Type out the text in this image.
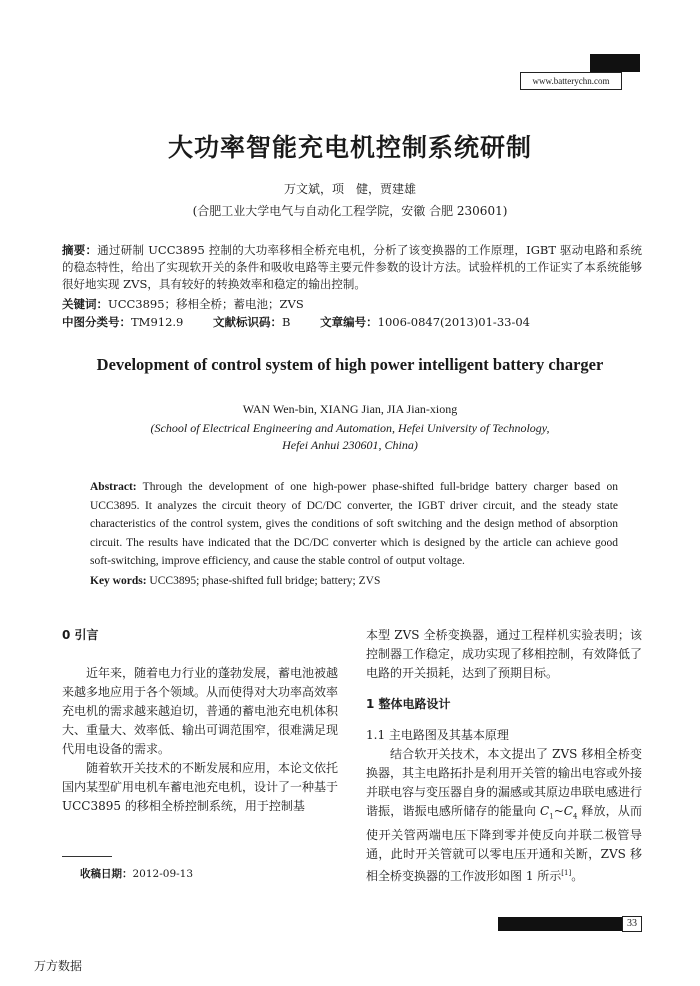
www.batterychn.com
大功率智能充电机控制系统研制
万文斌，项　健，贾建雄
(合肥工业大学电气与自动化工程学院，安徽 合肥 230601)
摘要：通过研制 UCC3895 控制的大功率移相全桥充电机，分析了该变换器的工作原理，IGBT 驱动电路和系统的稳态特性，给出了实现软开关的条件和吸收电路等主要元件参数的设计方法。试验样机的工作证实了本系统能够很好地实现 ZVS，具有较好的转换效率和稳定的输出控制。
关键词：UCC3895；移相全桥；蓄电池；ZVS
中图分类号：TM912.9	文献标识码：B	文章编号：1006-0847(2013)01-33-04
Development of control system of high power intelligent battery charger
WAN Wen-bin, XIANG Jian, JIA Jian-xiong
(School of Electrical Engineering and Automation, Hefei University of Technology,
Hefei Anhui 230601, China)
Abstract: Through the development of one high-power phase-shifted full-bridge battery charger based on UCC3895. It analyzes the circuit theory of DC/DC converter, the IGBT driver circuit, and the steady state characteristics of the control system, gives the conditions of soft switching and the design method of absorption circuit. The results have indicated that the DC/DC converter which is designed by the article can achieve good soft-switching, improve efficiency, and cause the stable control of output voltage.
Key words: UCC3895; phase-shifted full bridge; battery; ZVS
0 引言

近年来，随着电力行业的蓬勃发展，蓄电池被越来越多地应用于各个领域。从而使得对大功率高效率充电机的需求越来越迫切，普通的蓄电池充电机体积大、重量大、效率低、输出可调范围窄，很难满足现代用电设备的需求。

随着软开关技术的不断发展和应用，本论文依托国内某型矿用电机车蓄电池充电机，设计了一种基于 UCC3895 的移相全桥控制系统，用于控制基

本型 ZVS 全桥变换器，通过工程样机实验表明；该控制器工作稳定，成功实现了移相控制，有效降低了电路的开关损耗，达到了预期目标。

1 整体电路设计
1.1 主电路图及其基本原理

结合软开关技术，本文提出了 ZVS 移相全桥变换器，其主电路拓扑是利用开关管的输出电容或外接并联电容与变压器自身的漏感或其原边串联电感进行谐振，谐振电感所储存的能量向 $C_1\sim C_4$ 释放，从而使开关管两端电压下降到零并使反向并联二极管导通，此时开关管就可以零电压开通和关断，ZVS 移相全桥变换器的工作波形如图 1 所示[1]。

收稿日期：2012-09-13
33
万方数据
